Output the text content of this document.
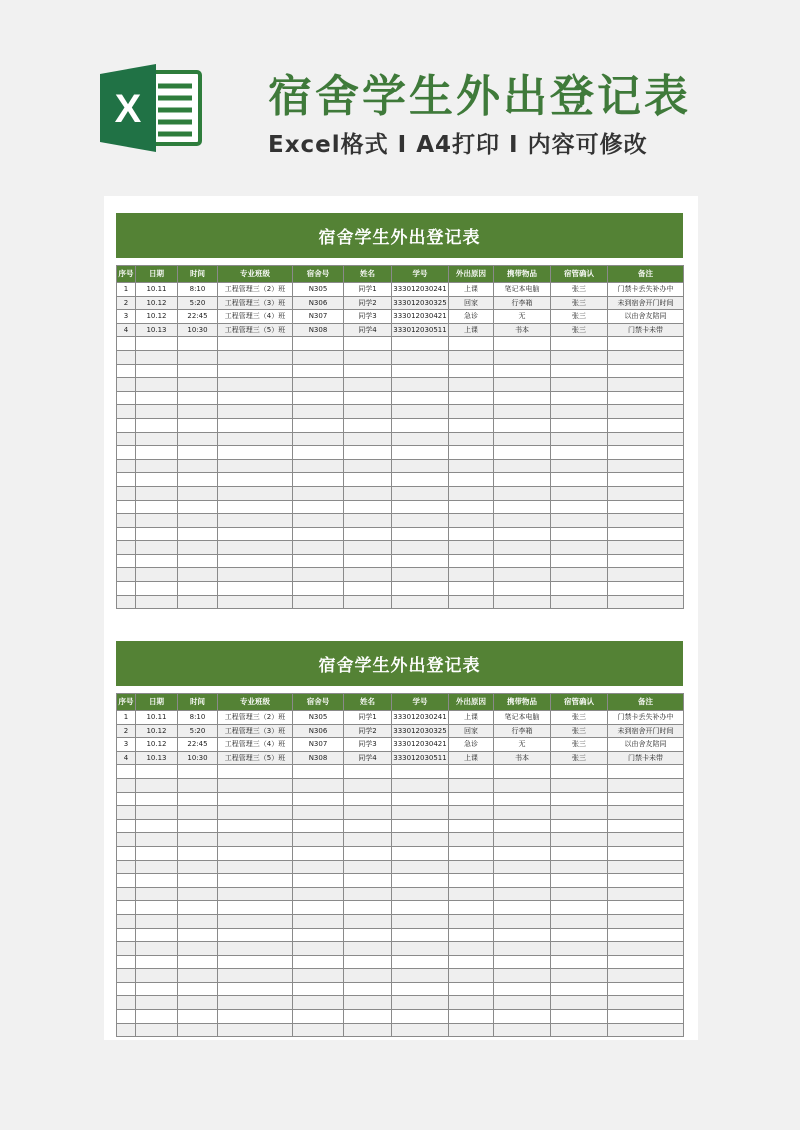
X	宿舍学生外出登记表
Excel格式 I A4打印 I 内容可修改
宿舍学生外出登记表
序号	日期	时间	专业班级	宿舍号	姓名	学号	外出原因	携带物品	宿管确认	备注
1	10.11	8:10	工程管理三（2）班	N305	同学1	333012030241	上课	笔记本电脑	张三	门禁卡丢失补办中
2	10.12	5:20	工程管理三（3）班	N306	同学2	333012030325	回家	行李箱	张三	未到宿舍开门时间
3	10.12	22:45	工程管理三（4）班	N307	同学3	333012030421	急诊	无	张三	以由舍友陪同
4	10.13	10:30	工程管理三（5）班	N308	同学4	333012030511	上课	书本	张三	门禁卡未带

宿舍学生外出登记表
序号	日期	时间	专业班级	宿舍号	姓名	学号	外出原因	携带物品	宿管确认	备注
1	10.11	8:10	工程管理三（2）班	N305	同学1	333012030241	上课	笔记本电脑	张三	门禁卡丢失补办中
2	10.12	5:20	工程管理三（3）班	N306	同学2	333012030325	回家	行李箱	张三	未到宿舍开门时间
3	10.12	22:45	工程管理三（4）班	N307	同学3	333012030421	急诊	无	张三	以由舍友陪同
4	10.13	10:30	工程管理三（5）班	N308	同学4	333012030511	上课	书本	张三	门禁卡未带
